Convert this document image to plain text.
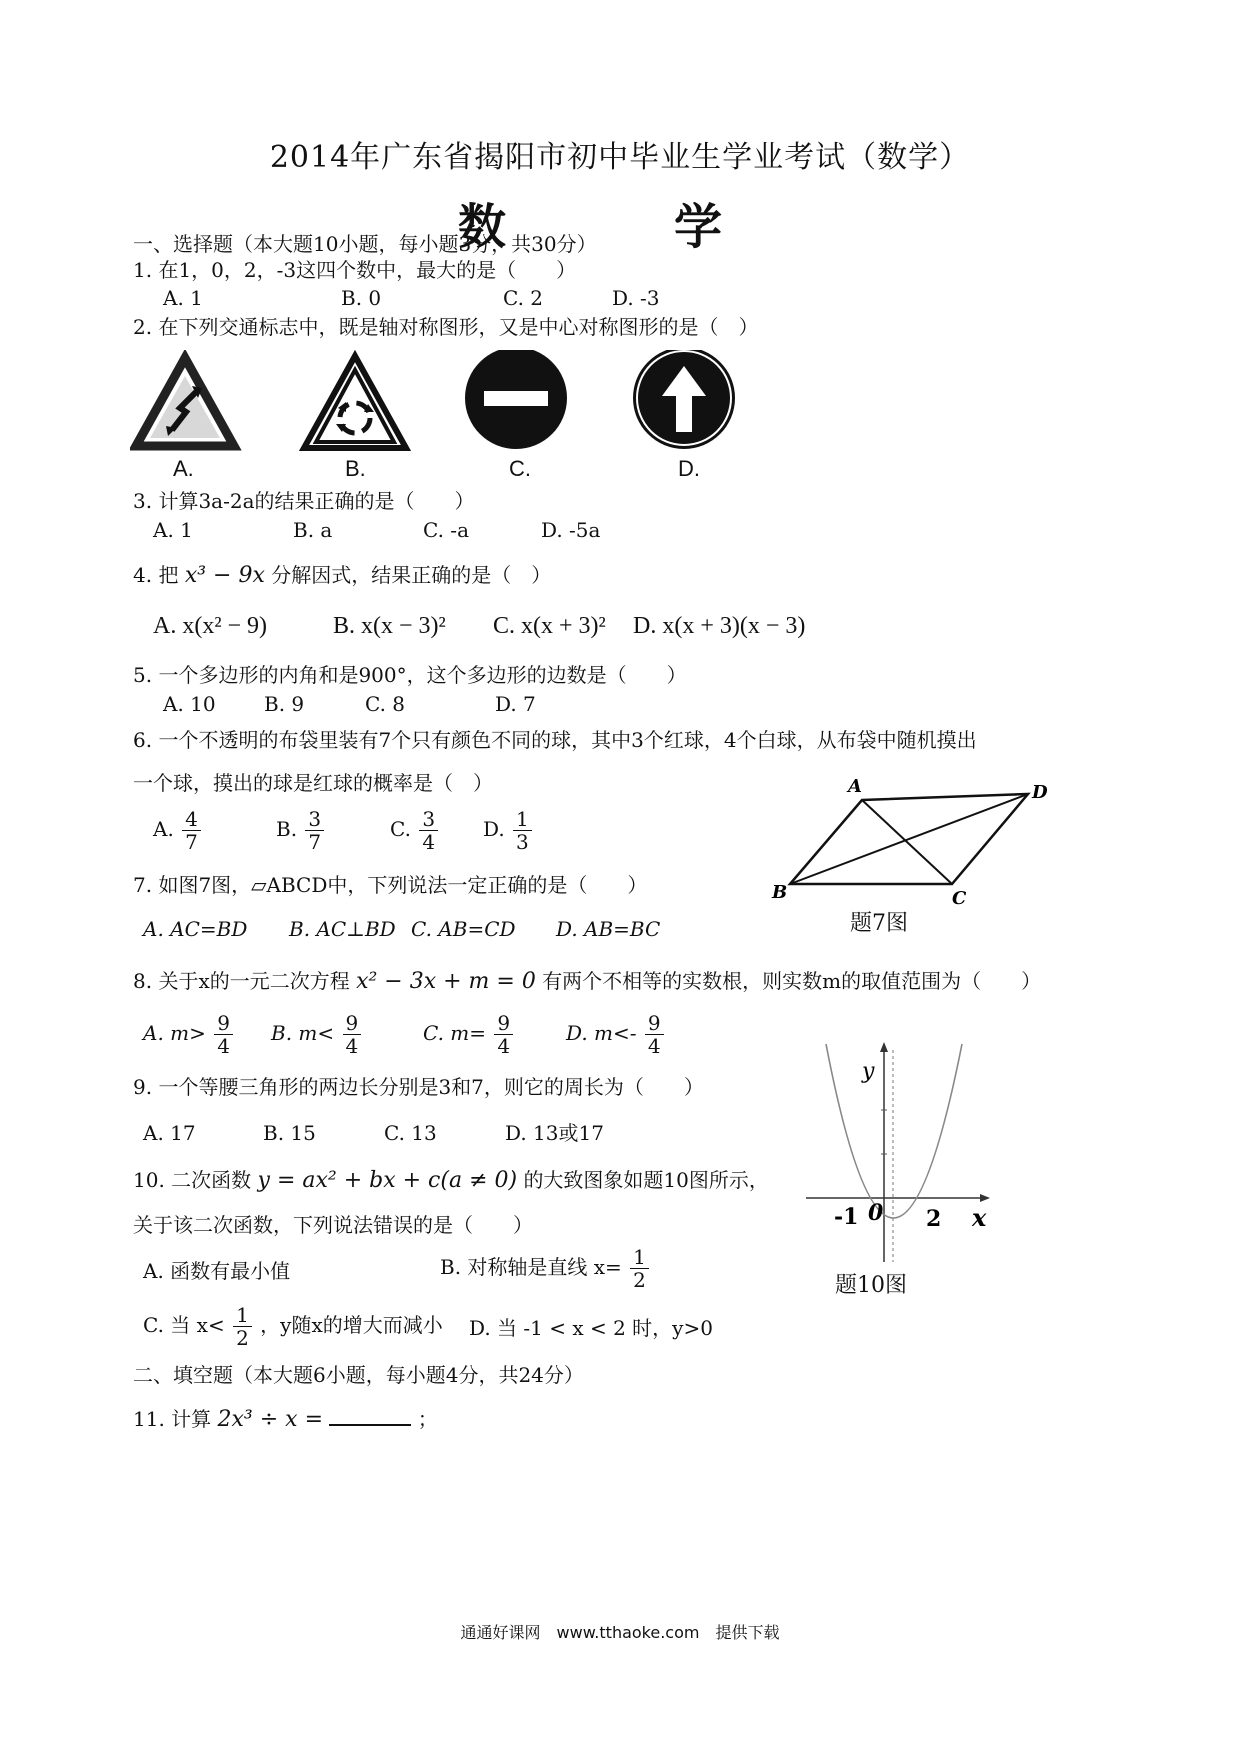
2014年广东省揭阳市初中毕业生学业考试（数学）
数　学
一、选择题（本大题10小题，每小题3分，共30分）
1. 在1，0，2，-3这四个数中，最大的是（　　）
A. 1	B. 0	C. 2	D. -3
2. 在下列交通标志中，既是轴对称图形，又是中心对称图形的是（　）
A.	B.	C.	D.
3. 计算3a-2a的结果正确的是（　　）
A. 1	B. a	C. -a	D. -5a
4. 把 x³ − 9x 分解因式，结果正确的是（　）
A. x(x² − 9)	B. x(x − 3)² C. x(x + 3)² D. x(x + 3)(x − 3)
5. 一个多边形的内角和是900°，这个多边形的边数是（　　）
A. 10 B. 9	C. 8	D. 7
6. 一个不透明的布袋里装有7个只有颜色不同的球，其中3个红球，4个白球，从布袋中随机摸出
一个球，摸出的球是红球的概率是（　）
A. $\frac{4}{7}$	B. $\frac{3}{7}$	C. $\frac{3}{4} D$. $\frac{1}{3}$
A	D
B	C
题7图
7. 如图7图，▱ABCD中，下列说法一定正确的是（　　）
A. AC=BD B. AC⊥BD C. AB=CD D. AB=BC
8. 关于x的一元二次方程 x² − 3x + m = 0 有两个不相等的实数根，则实数m的取值范围为（　　）
A. $m> \frac{9}{4} B$. $m< \frac{9}{4}$	C. $m= \frac{9}{4}$	D. $m<- \frac{9}{4}$
y
x
0
-1	2
题10图
9. 一个等腰三角形的两边长分别是3和7，则它的周长为（　　）
A. 17	B. 15	C. 13	D. 13或17
10. 二次函数 y = ax² + bx + c(a ≠ 0) 的大致图象如题10图所示，
关于该二次函数，下列说法错误的是（　　）
A. 函数有最小值	B. 对称轴是直线 $x= \frac{1}{2}$
C. 当 $x< \frac{1}{2}$ ，y随x的增大而减小 D. 当 -1 < x < 2 时，y>0
二、填空题（本大题6小题，每小题4分，共24分）
11. 计算 2x³ ÷ x =	；
通通好课网　www.tthaoke.com　提供下载
